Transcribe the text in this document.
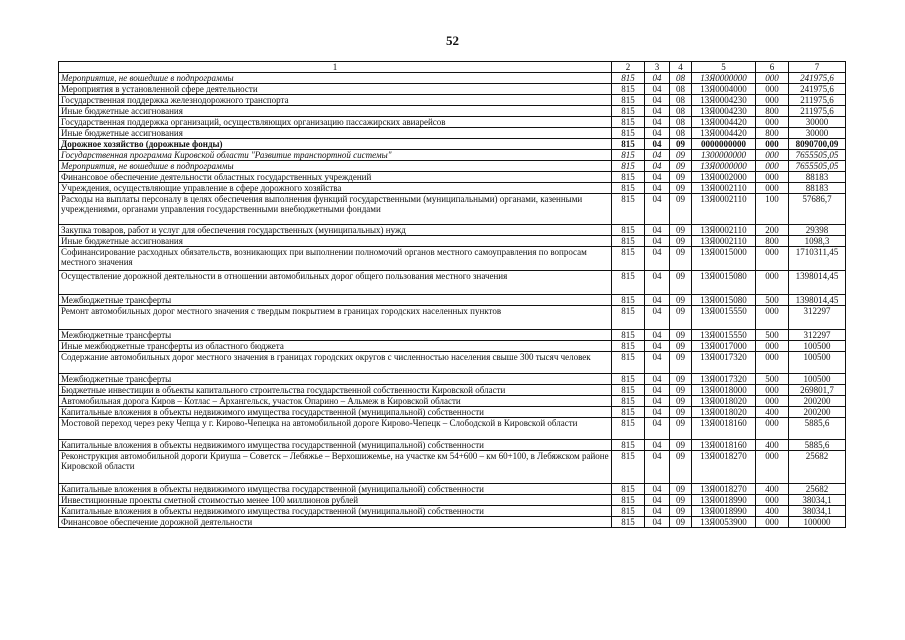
52
1	2	3	4	5	6	7
Мероприятия, не вошедшие в подпрограммы	815	04	08	13Я0000000	000	241975,6
Мероприятия в установленной сфере деятельности	815	04	08	13Я0004000	000	241975,6
Государственная поддержка железнодорожного транспорта	815	04	08	13Я0004230	000	211975,6
Иные бюджетные ассигнования	815	04	08	13Я0004230	800	211975,6
Государственная поддержка организаций, осуществляющих организацию пассажирских авиарейсов	815	04	08	13Я0004420	000	30000
Иные бюджетные ассигнования	815	04	08	13Я0004420	800	30000
Дорожное хозяйство (дорожные фонды)	815	04	09	0000000000	000	8090700,09
Государственная программа Кировской области "Развитие транспортной системы"	815	04	09	1300000000	000	7655505,05
Мероприятия, не вошедшие в подпрограммы	815	04	09	13Я0000000	000	7655505,05
Финансовое обеспечение деятельности областных государственных учреждений	815	04	09	13Я0002000	000	88183
Учреждения, осуществляющие управление в сфере дорожного хозяйства	815	04	09	13Я0002110	000	88183
Расходы на выплаты персоналу в целях обеспечения выполнения функций государственными (муниципальными) органами, казенными учреждениями, органами управления государственными внебюджетными фондами	815	04	09	13Я0002110	100	57686,7
Закупка товаров, работ и услуг для обеспечения государственных (муниципальных) нужд	815	04	09	13Я0002110	200	29398
Иные бюджетные ассигнования	815	04	09	13Я0002110	800	1098,3
Софинансирование расходных обязательств, возникающих при выполнении полномочий органов местного самоуправления по вопросам местного значения	815	04	09	13Я0015000	000	1710311,45
Осуществление дорожной деятельности в отношении автомобильных дорог общего пользования местного значения	815	04	09	13Я0015080	000	1398014,45
Межбюджетные трансферты	815	04	09	13Я0015080	500	1398014,45
Ремонт автомобильных дорог местного значения с твердым покрытием в границах городских населенных пунктов	815	04	09	13Я0015550	000	312297
Межбюджетные трансферты	815	04	09	13Я0015550	500	312297
Иные межбюджетные трансферты из областного бюджета	815	04	09	13Я0017000	000	100500
Содержание автомобильных дорог местного значения в границах городских округов с численностью населения свыше 300 тысяч человек	815	04	09	13Я0017320	000	100500
Межбюджетные трансферты	815	04	09	13Я0017320	500	100500
Бюджетные инвестиции в объекты капитального строительства государственной собственности Кировской области	815	04	09	13Я0018000	000	269801,7
Автомобильная дорога Киров – Котлас – Архангельск, участок Опарино – Альмеж в Кировской области	815	04	09	13Я0018020	000	200200
Капитальные вложения в объекты недвижимого имущества государственной (муниципальной) собственности	815	04	09	13Я0018020	400	200200
Мостовой переход через реку Чепца у г. Кирово-Чепецка на автомобильной дороге Кирово-Чепецк – Слободской в Кировской области	815	04	09	13Я0018160	000	5885,6
Капитальные вложения в объекты недвижимого имущества государственной (муниципальной) собственности	815	04	09	13Я0018160	400	5885,6
Реконструкция автомобильной дороги Криуша – Советск – Лебяжье – Верхошижемье, на участке км 54+600 – км 60+100, в Лебяжском районе Кировской области	815	04	09	13Я0018270	000	25682
Капитальные вложения в объекты недвижимого имущества государственной (муниципальной) собственности	815	04	09	13Я0018270	400	25682
Инвестиционные проекты сметной стоимостью менее 100 миллионов рублей	815	04	09	13Я0018990	000	38034,1
Капитальные вложения в объекты недвижимого имущества государственной (муниципальной) собственности	815	04	09	13Я0018990	400	38034,1
Финансовое обеспечение дорожной деятельности	815	04	09	13Я0053900	000	100000
